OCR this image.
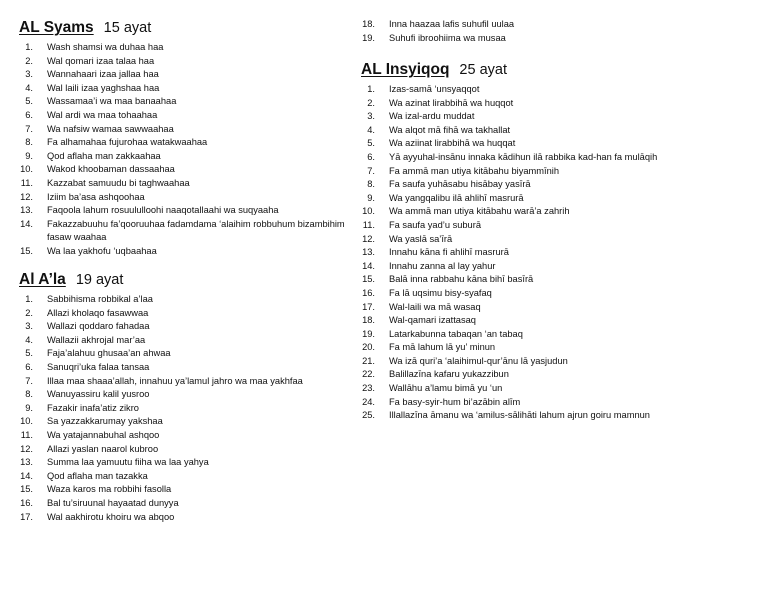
AL Syams 15 ayat
1. Wash shamsi wa duhaa haa
2. Wal qomari izaa talaa haa
3. Wannahaari izaa jallaa haa
4. Wal laili izaa yaghshaa haa
5. Wassamaa’i wa maa banaahaa
6. Wal ardi wa maa tohaahaa
7. Wa nafsiw wamaa sawwaahaa
8. Fa alhamahaa fujurohaa watakwaahaa
9. Qod aflaha man zakkaahaa
10. Wakod khoobaman dassaahaa
11. Kazzabat samuudu bi taghwaahaa
12. Iziim ba’asa ashqoohaa
13. Faqoola lahum rosuululloohi naaqotallaahi wa suqyaaha
14. Fakazzabuuhu fa’qooruuhaa fadamdama ‘alaihim robbuhum bizambihim fasaw waahaa
15. Wa laa yakhofu ‘uqbaahaa
Al A’la 19 ayat
1. Sabbihisma robbikal a’laa
2. Allazi kholaqo fasawwaa
3. Wallazi qoddaro fahadaa
4. Wallazii akhrojal mar’aa
5. Faja’alahuu ghusaa’an ahwaa
6. Sanuqri’uka falaa tansaa
7. Illaa maa shaaa’allah, innahuu ya’lamul jahro wa maa yakhfaa
8. Wanuyassiru kalil yusroo
9. Fazakir inafa’atiz zikro
10. Sa yazzakkarumay yakshaa
11. Wa yatajannabuhal ashqoo
12. Allazi yaslan naarol kubroo
13. Summa laa yamuutu fiiha wa laa yahya
14. Qod aflaha man tazakka
15. Waza karos ma robbihi fasolla
16. Bal tu’siruunal hayaatad dunyya
17. Wal aakhirotu khoiru wa abqoo
18. Inna haazaa lafis suhufil uulaa
19. Suhufi ibroohiima wa musaa
AL Insyiqoq 25 ayat
1. Izas-samā ‘unsyaqqot
2. Wa azinat lirabbihā wa huqqot
3. Wa izal-ardu muddat
4. Wa alqot mā fihā wa takhallat
5. Wa aziinat lirabbihā wa huqqat
6. Yā ayyuhal-insānu innaka kādihun ilā rabbika kad-han fa mulāqih
7. Fa ammā man utiya kitābahu biyammīnih
8. Fa saufa yuhāsabu hisābay yasīrā
9. Wa yangqalibu ilā ahlihī masrurā
10. Wa ammā man utiya kitābahu warā’a zahrih
11. Fa saufa yad’u suburā
12. Wa yaslā sa’īrā
13. Innahu kāna fi ahlihī masrurā
14. Innahu zanna al lay yahur
15. Balā inna rabbahu kāna bihī basīrā
16. Fa lā uqsimu bisy-syafaq
17. Wal-laili wa mā wasaq
18. Wal-qamari izattasaq
19. Latarkabunna tabaqan ‘an tabaq
20. Fa mā lahum lā yu’ minun
21. Wa izā quri’a ‘alaihimul-qur’ānu lā yasjudun
22. Balillazīna kafaru yukazzibun
23. Wallāhu a’lamu bimā yu ‘un
24. Fa basy-syir-hum bi’azābin alīm
25. Illallazīna āmanu wa ‘amilus-sālihāti lahum ajrun goiru mamnun
